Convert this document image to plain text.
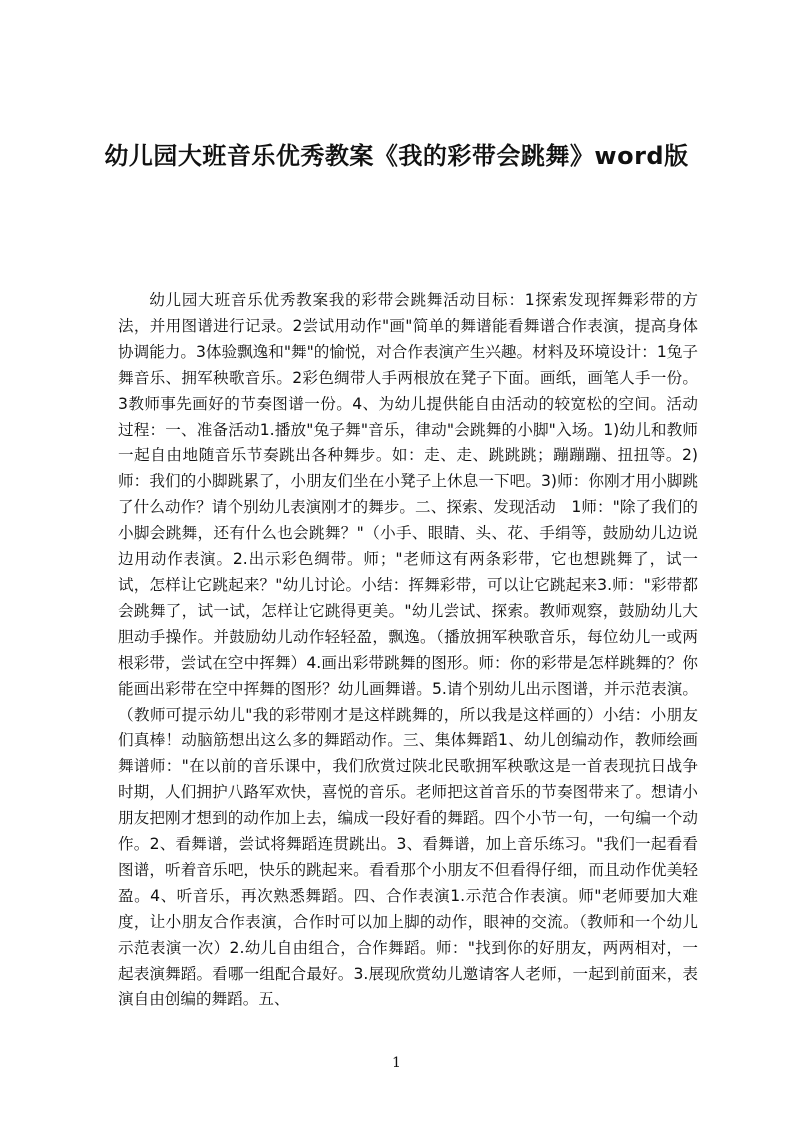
幼儿园大班音乐优秀教案《我的彩带会跳舞》word版

幼儿园大班音乐优秀教案我的彩带会跳舞活动目标：1探索发现挥舞彩带的方法，并用图谱进行记录。2尝试用动作"画"简单的舞谱能看舞谱合作表演，提高身体协调能力。3体验飘逸和"舞"的愉悦，对合作表演产生兴趣。材料及环境设计：1兔子舞音乐、拥军秧歌音乐。2彩色绸带人手两根放在凳子下面。画纸，画笔人手一份。3教师事先画好的节奏图谱一份。4、为幼儿提供能自由活动的较宽松的空间。活动过程：一、准备活动1.播放"兔子舞"音乐，律动"会跳舞的小脚"入场。1)幼儿和教师一起自由地随音乐节奏跳出各种舞步。如：走、走、跳跳跳；蹦蹦蹦、扭扭等。2)师：我们的小脚跳累了，小朋友们坐在小凳子上休息一下吧。3)师：你刚才用小脚跳了什么动作？请个别幼儿表演刚才的舞步。二、探索、发现活动　1师："除了我们的小脚会跳舞，还有什么也会跳舞？"（小手、眼睛、头、花、手绢等，鼓励幼儿边说边用动作表演。2.出示彩色绸带。师；"老师这有两条彩带，它也想跳舞了，试一试，怎样让它跳起来？"幼儿讨论。小结：挥舞彩带，可以让它跳起来3.师："彩带都会跳舞了，试一试，怎样让它跳得更美。"幼儿尝试、探索。教师观察，鼓励幼儿大胆动手操作。并鼓励幼儿动作轻轻盈，飘逸。（播放拥军秧歌音乐，每位幼儿一或两根彩带，尝试在空中挥舞）4.画出彩带跳舞的图形。师：你的彩带是怎样跳舞的？你能画出彩带在空中挥舞的图形？幼儿画舞谱。5.请个别幼儿出示图谱，并示范表演。（教师可提示幼儿"我的彩带刚才是这样跳舞的，所以我是这样画的）小结：小朋友们真棒！动脑筋想出这么多的舞蹈动作。三、集体舞蹈1、幼儿创编动作，教师绘画舞谱师："在以前的音乐课中，我们欣赏过陕北民歌拥军秧歌这是一首表现抗日战争时期，人们拥护八路军欢快，喜悦的音乐。老师把这首音乐的节奏图带来了。想请小朋友把刚才想到的动作加上去，编成一段好看的舞蹈。四个小节一句，一句编一个动作。2、看舞谱，尝试将舞蹈连贯跳出。3、看舞谱，加上音乐练习。"我们一起看看图谱，听着音乐吧，快乐的跳起来。看看那个小朋友不但看得仔细，而且动作优美轻盈。4、听音乐，再次熟悉舞蹈。四、合作表演1.示范合作表演。师"老师要加大难度，让小朋友合作表演，合作时可以加上脚的动作，眼神的交流。（教师和一个幼儿示范表演一次）2.幼儿自由组合，合作舞蹈。师："找到你的好朋友，两两相对，一起表演舞蹈。看哪一组配合最好。3.展现欣赏幼儿邀请客人老师，一起到前面来，表演自由创编的舞蹈。五、

1
